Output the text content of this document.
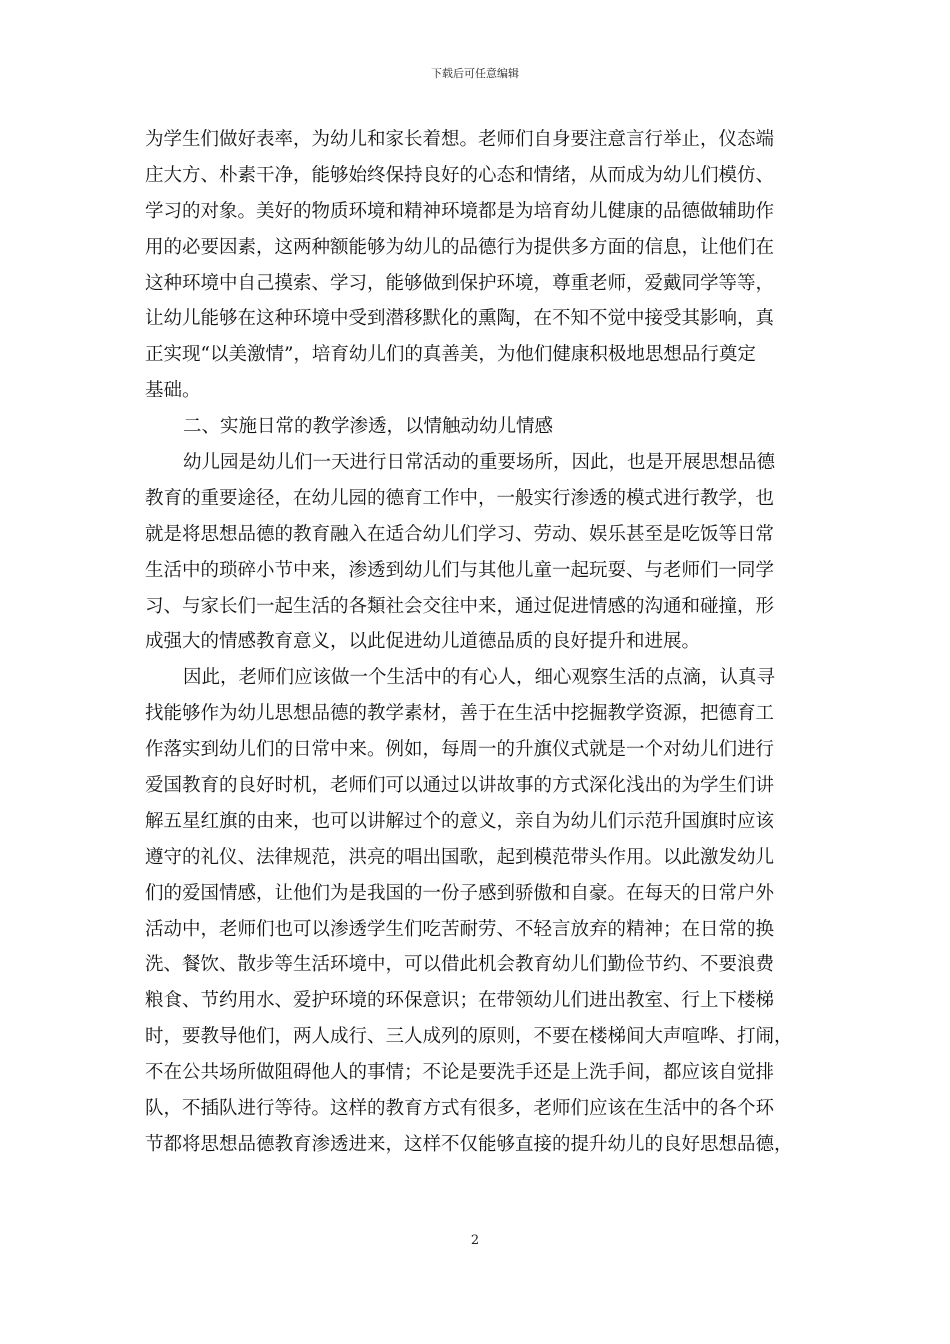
下载后可任意编辑
为学生们做好表率，为幼儿和家长着想。老师们自身要注意言行举止，仪态端
庄大方、朴素干净，能够始终保持良好的心态和情绪，从而成为幼儿们模仿、
学习的对象。美好的物质环境和精神环境都是为培育幼儿健康的品德做辅助作
用的必要因素，这两种额能够为幼儿的品德行为提供多方面的信息，让他们在
这种环境中自己摸索、学习，能够做到保护环境，尊重老师，爱戴同学等等，
让幼儿能够在这种环境中受到潜移默化的熏陶，在不知不觉中接受其影响，真
正实现“以美激情”，培育幼儿们的真善美，为他们健康积极地思想品行奠定
基础。
二、实施日常的教学渗透，以情触动幼儿情感
幼儿园是幼儿们一天进行日常活动的重要场所，因此，也是开展思想品德
教育的重要途径，在幼儿园的德育工作中，一般实行渗透的模式进行教学，也
就是将思想品德的教育融入在适合幼儿们学习、劳动、娱乐甚至是吃饭等日常
生活中的琐碎小节中来，渗透到幼儿们与其他儿童一起玩耍、与老师们一同学
习、与家长们一起生活的各類社会交往中来，通过促进情感的沟通和碰撞，形
成强大的情感教育意义，以此促进幼儿道德品质的良好提升和进展。
因此，老师们应该做一个生活中的有心人，细心观察生活的点滴，认真寻
找能够作为幼儿思想品德的教学素材，善于在生活中挖掘教学资源，把德育工
作落实到幼儿们的日常中来。例如，每周一的升旗仪式就是一个对幼儿们进行
爱国教育的良好时机，老师们可以通过以讲故事的方式深化浅出的为学生们讲
解五星红旗的由来，也可以讲解过个的意义，亲自为幼儿们示范升国旗时应该
遵守的礼仪、法律规范，洪亮的唱出国歌，起到模范带头作用。以此激发幼儿
们的爱国情感，让他们为是我国的一份子感到骄傲和自豪。在每天的日常户外
活动中，老师们也可以渗透学生们吃苦耐劳、不轻言放弃的精神；在日常的换
洗、餐饮、散步等生活环境中，可以借此机会教育幼儿们勤俭节约、不要浪费
粮食、节约用水、爱护环境的环保意识；在带领幼儿们进出教室、行上下楼梯
时，要教导他们，两人成行、三人成列的原则，不要在楼梯间大声喧哗、打闹，
不在公共场所做阻碍他人的事情；不论是要洗手还是上洗手间，都应该自觉排
队，不插队进行等待。这样的教育方式有很多，老师们应该在生活中的各个环
节都将思想品德教育渗透进来，这样不仅能够直接的提升幼儿的良好思想品德，
2
